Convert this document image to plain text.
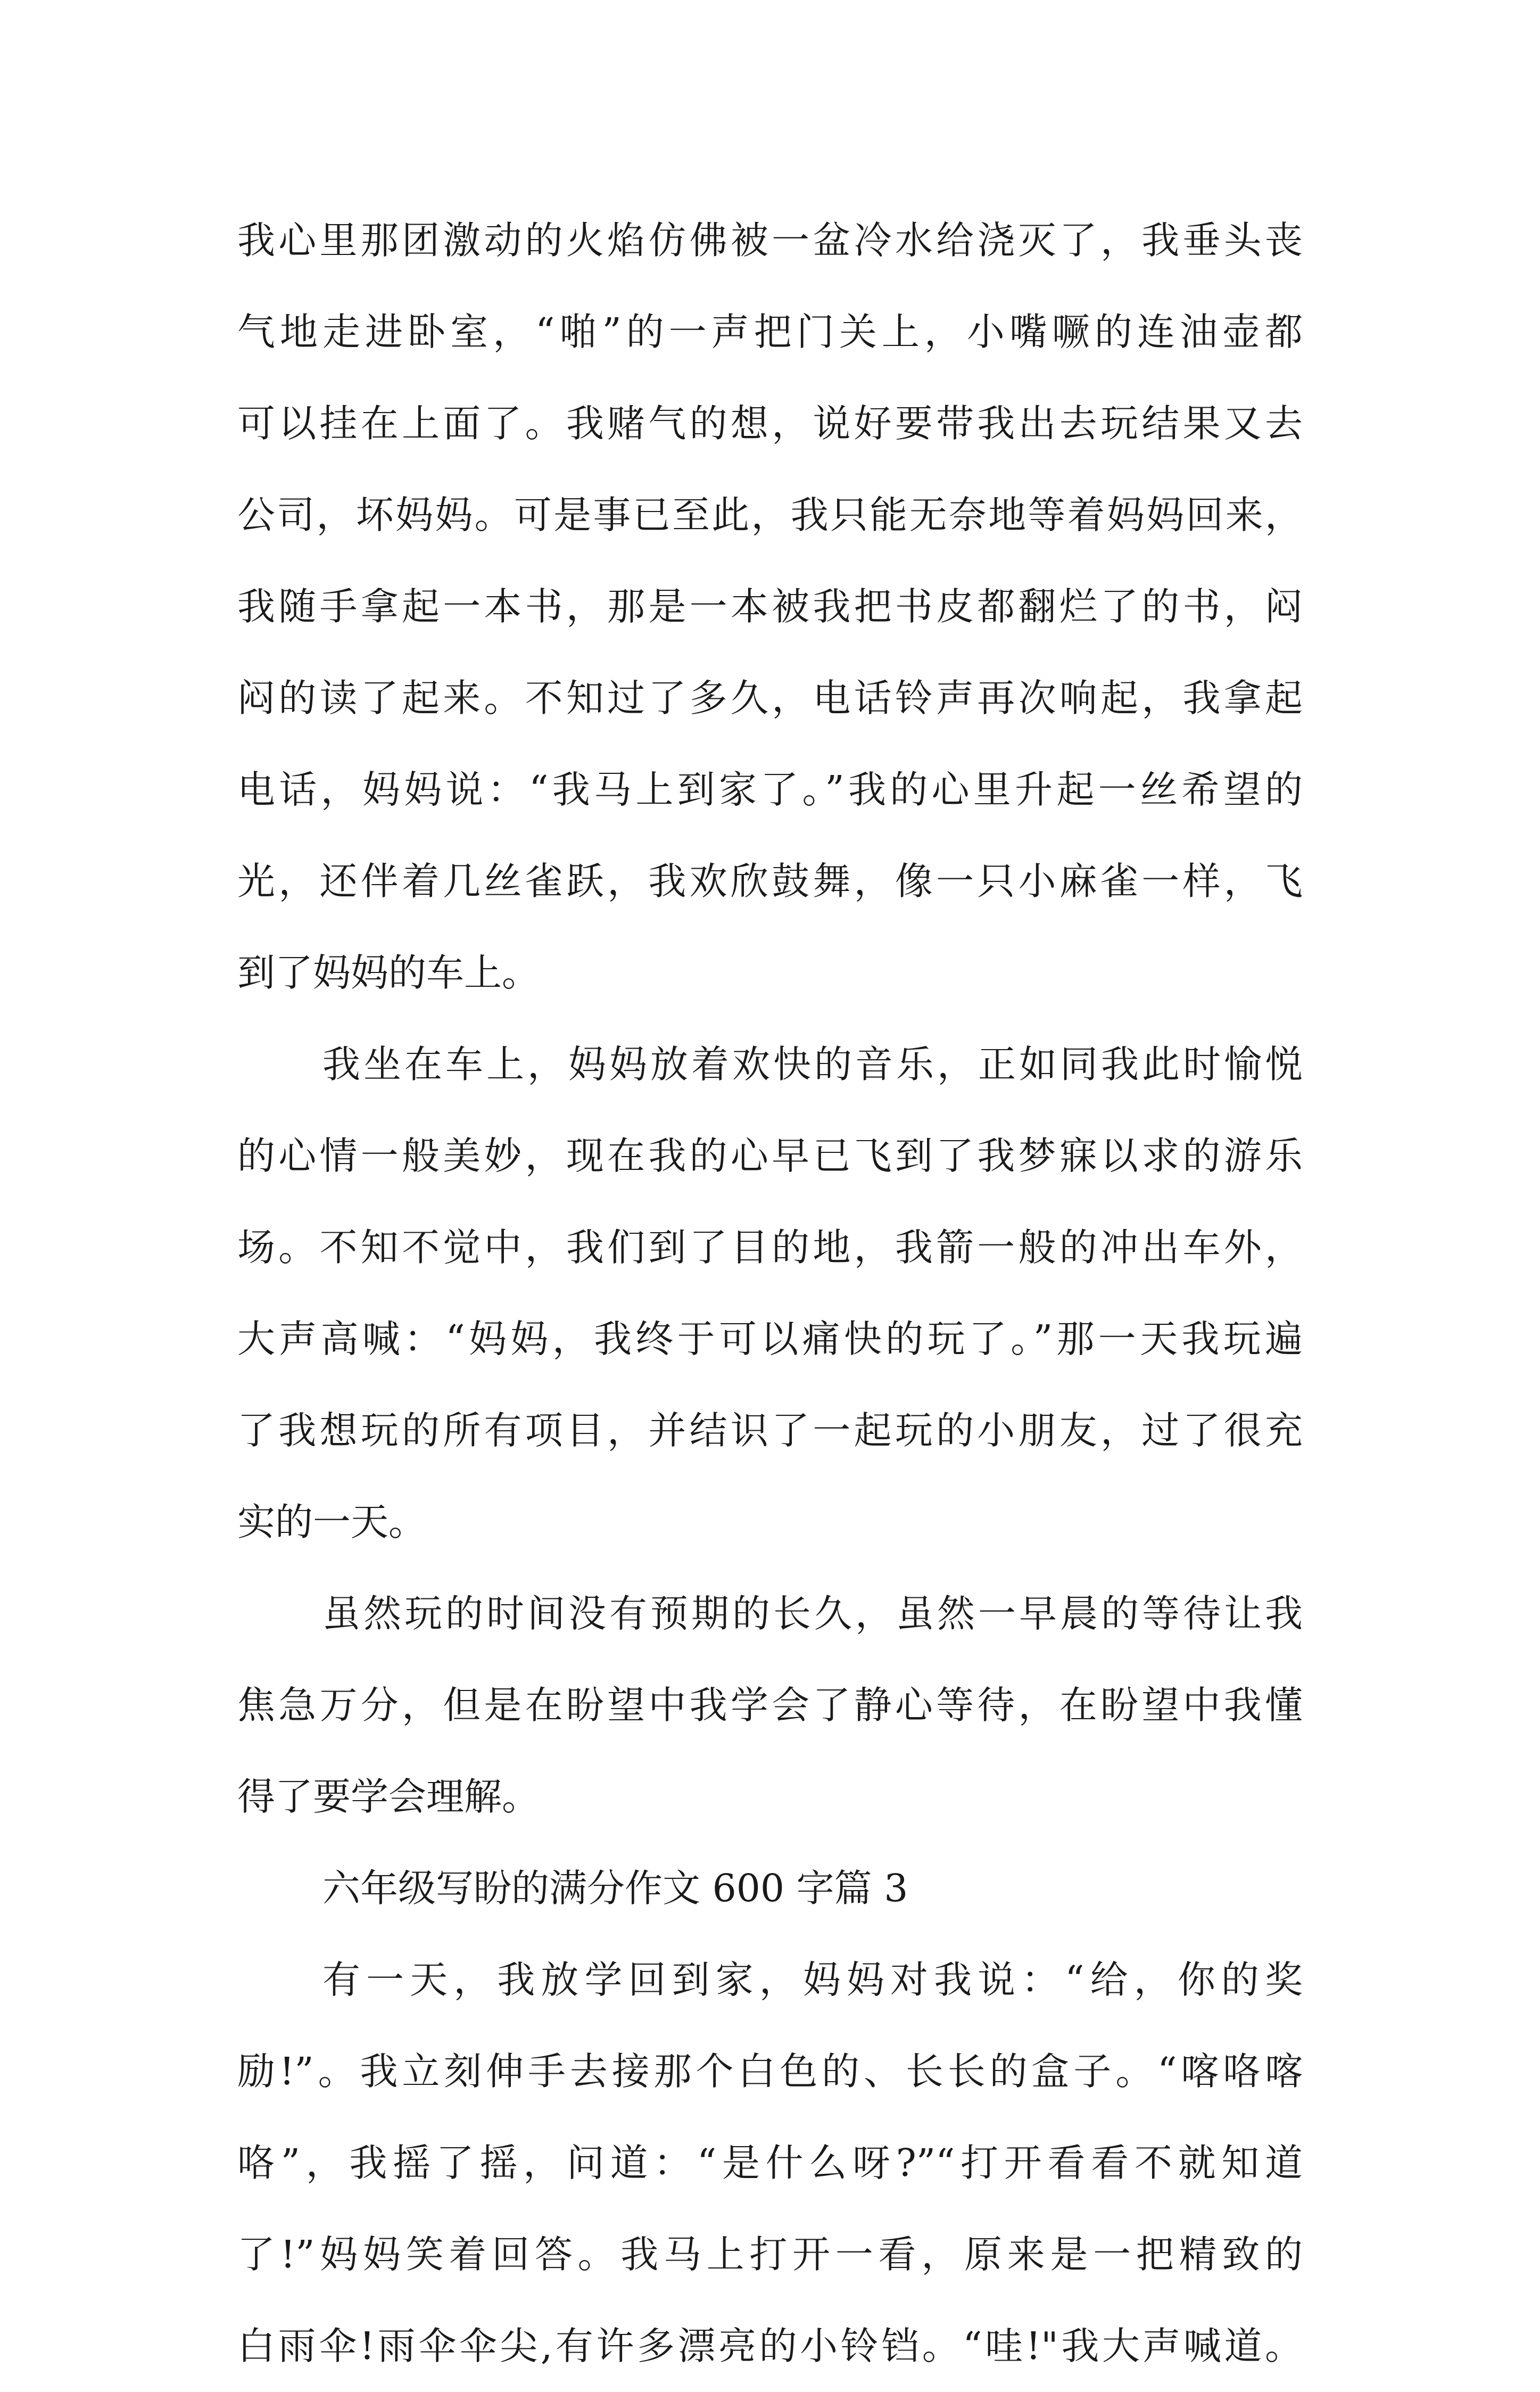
我心里那团激动的火焰仿佛被一盆冷水给浇灭了，我垂头丧
气地走进卧室，“啪”的一声把门关上，小嘴噘的连油壶都
可以挂在上面了。我赌气的想，说好要带我出去玩结果又去
公司，坏妈妈。可是事已至此，我只能无奈地等着妈妈回来，
我随手拿起一本书，那是一本被我把书皮都翻烂了的书，闷
闷的读了起来。不知过了多久，电话铃声再次响起，我拿起
电话，妈妈说：“我马上到家了。”我的心里升起一丝希望的
光，还伴着几丝雀跃，我欢欣鼓舞，像一只小麻雀一样，飞
到了妈妈的车上。
我坐在车上，妈妈放着欢快的音乐，正如同我此时愉悦
的心情一般美妙，现在我的心早已飞到了我梦寐以求的游乐
场。不知不觉中，我们到了目的地，我箭一般的冲出车外，
大声高喊：“妈妈，我终于可以痛快的玩了。”那一天我玩遍
了我想玩的所有项目，并结识了一起玩的小朋友，过了很充
实的一天。
虽然玩的时间没有预期的长久，虽然一早晨的等待让我
焦急万分，但是在盼望中我学会了静心等待，在盼望中我懂
得了要学会理解。
六年级写盼的满分作文 600 字篇 3
有一天，我放学回到家，妈妈对我说：“给，你的奖
励!”。我立刻伸手去接那个白色的、长长的盒子。“喀咯喀
咯”，我摇了摇，问道：“是什么呀?”“打开看看不就知道
了!”妈妈笑着回答。我马上打开一看，原来是一把精致的
白雨伞!雨伞伞尖,有许多漂亮的小铃铛。“哇!"我大声喊道。
